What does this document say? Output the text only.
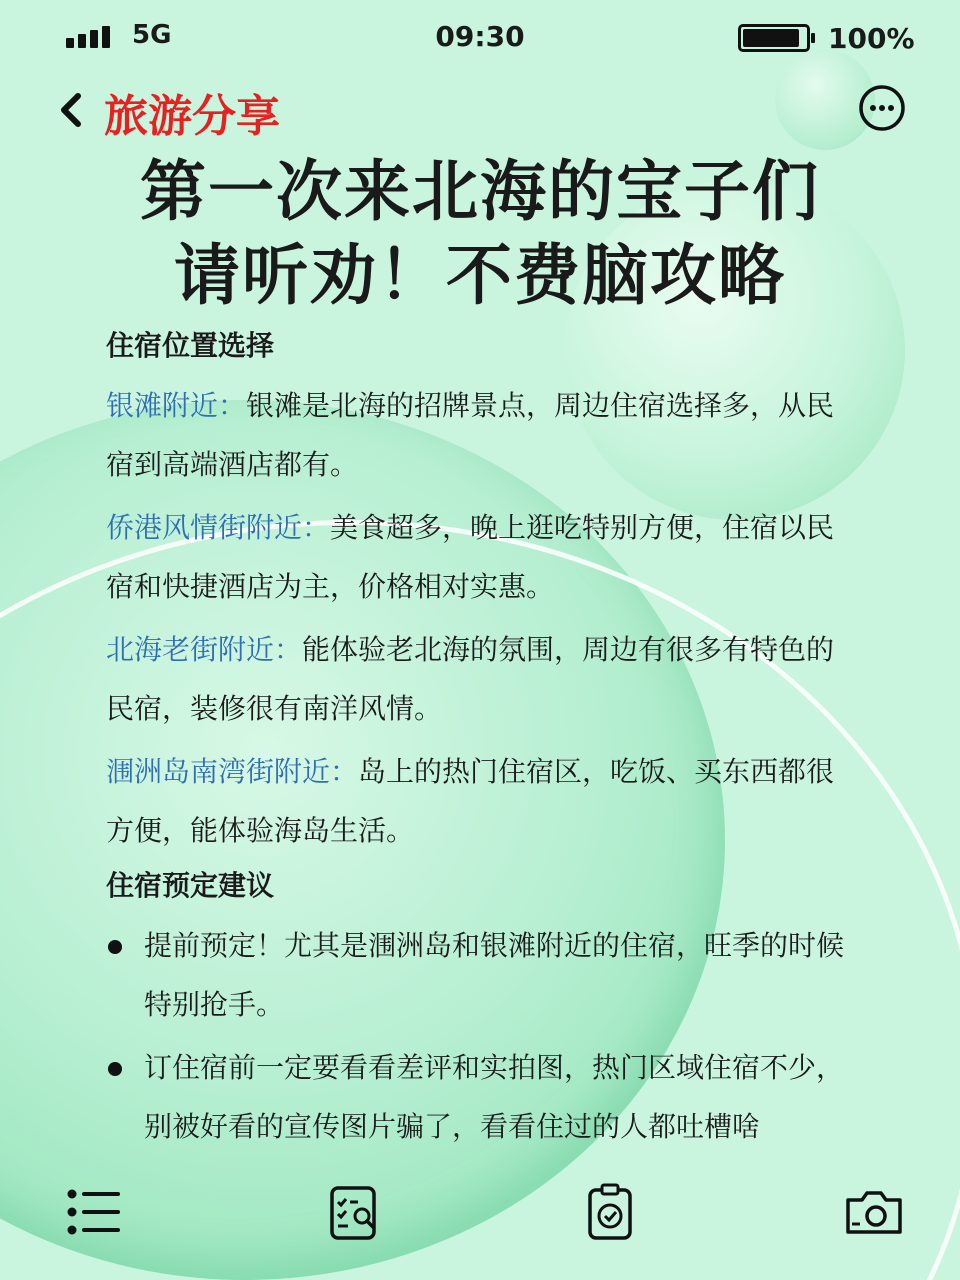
5G	09:30	100%
旅游分享
第一次来北海的宝子们
请听劝！不费脑攻略
住宿位置选择

银滩附近：银滩是北海的招牌景点，周边住宿选择多，从民宿到高端酒店都有。

侨港风情街附近：美食超多，晚上逛吃特别方便，住宿以民宿和快捷酒店为主，价格相对实惠。

北海老街附近：能体验老北海的氛围，周边有很多有特色的民宿，装修很有南洋风情。

涠洲岛南湾街附近：岛上的热门住宿区，吃饭、买东西都很方便，能体验海岛生活。

住宿预定建议
提前预定！尤其是涠洲岛和银滩附近的住宿，旺季的时候特别抢手。
订住宿前一定要看看差评和实拍图，热门区域住宿不少，别被好看的宣传图片骗了，看看住过的人都吐槽啥
